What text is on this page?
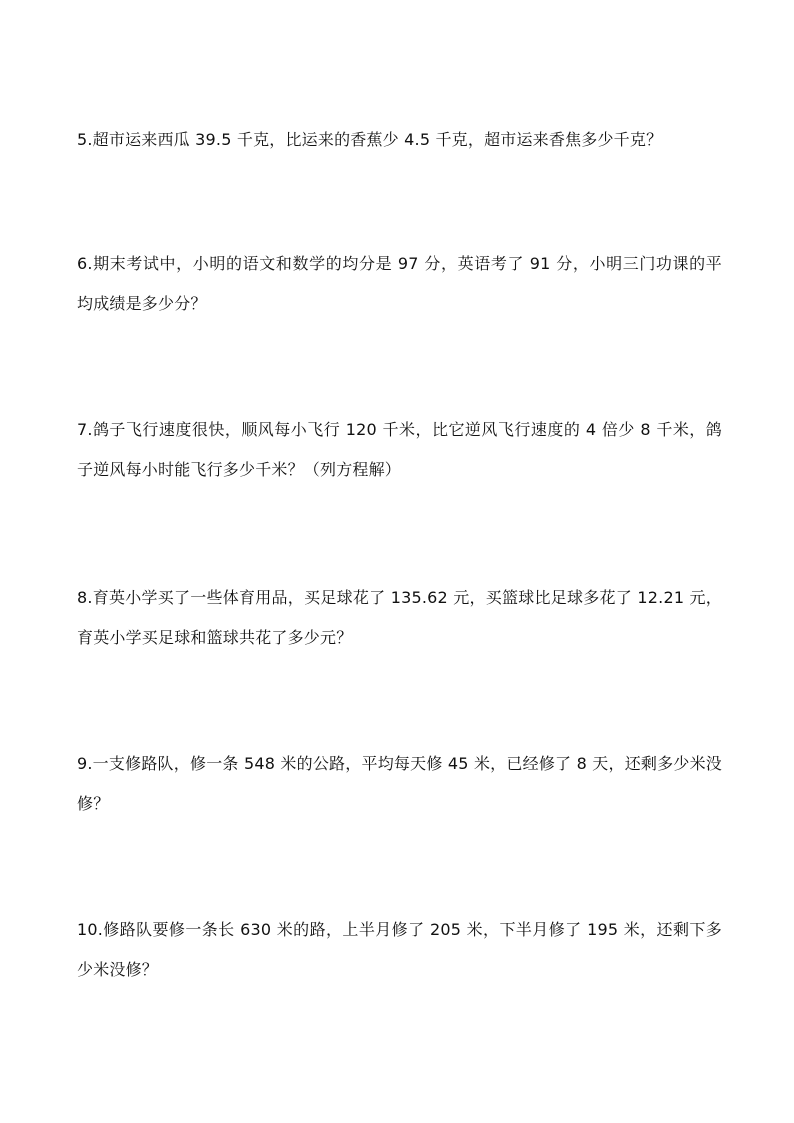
5.超市运来西瓜 39.5 千克，比运来的香蕉少 4.5 千克，超市运来香焦多少千克？
6.期末考试中，小明的语文和数学的均分是 97 分，英语考了 91 分，小明三门功课的平均成绩是多少分？
7.鸽子飞行速度很快，顺风每小飞行 120 千米，比它逆风飞行速度的 4 倍少 8 千米，鸽子逆风每小时能飞行多少千米？（列方程解）
8.育英小学买了一些体育用品，买足球花了 135.62 元，买篮球比足球多花了 12.21 元，育英小学买足球和篮球共花了多少元？
9.一支修路队，修一条 548 米的公路，平均每天修 45 米，已经修了 8 天，还剩多少米没修？
10.修路队要修一条长 630 米的路，上半月修了 205 米，下半月修了 195 米，还剩下多少米没修？
